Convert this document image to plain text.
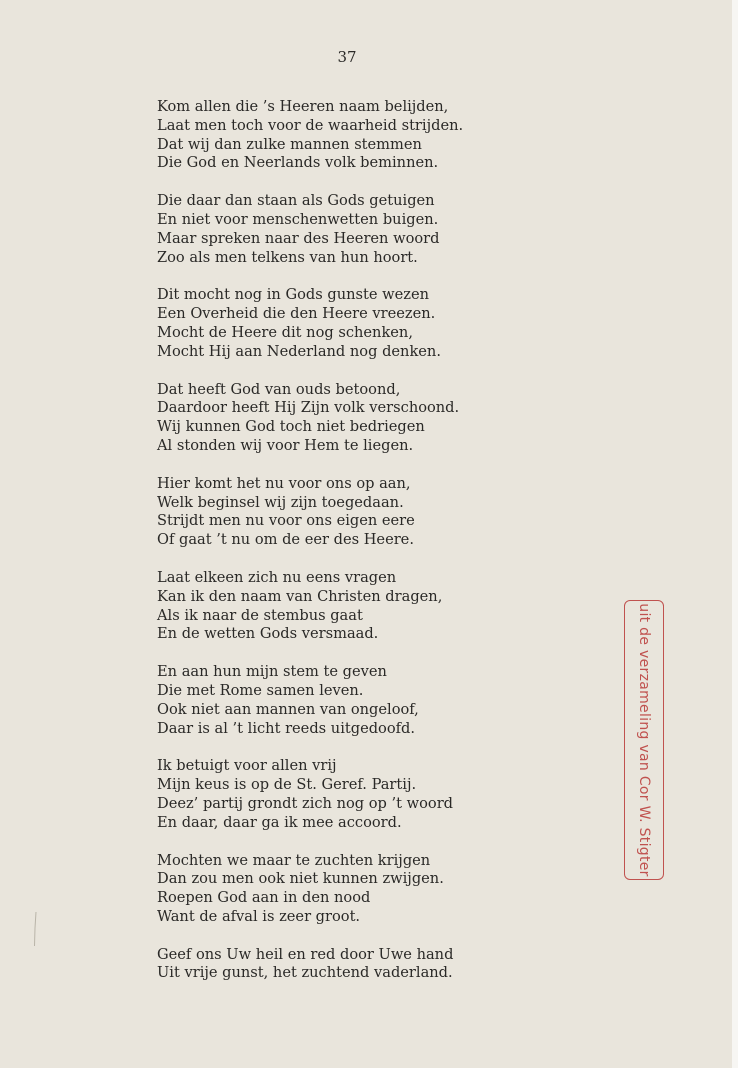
37
Kom allen die ’s Heeren naam belijden,
Laat men toch voor de waarheid strijden.
Dat wij dan zulke mannen stemmen
Die God en Neerlands volk beminnen.
Die daar dan staan als Gods getuigen
En niet voor menschenwetten buigen.
Maar spreken naar des Heeren woord
Zoo als men telkens van hun hoort.
Dit mocht nog in Gods gunste wezen
Een Overheid die den Heere vreezen.
Mocht de Heere dit nog schenken,
Mocht Hij aan Nederland nog denken.
Dat heeft God van ouds betoond,
Daardoor heeft Hij Zijn volk verschoond.
Wij kunnen God toch niet bedriegen
Al stonden wij voor Hem te liegen.
Hier komt het nu voor ons op aan,
Welk beginsel wij zijn toegedaan.
Strijdt men nu voor ons eigen eere
Of gaat ’t nu om de eer des Heere.
Laat elkeen zich nu eens vragen
Kan ik den naam van Christen dragen,
Als ik naar de stembus gaat
En de wetten Gods versmaad.
En aan hun mijn stem te geven
Die met Rome samen leven.
Ook niet aan mannen van ongeloof,
Daar is al ’t licht reeds uitgedoofd.
Ik betuigt voor allen vrij
Mijn keus is op de St. Geref. Partij.
Deez’ partij grondt zich nog op ’t woord
En daar, daar ga ik mee accoord.
Mochten we maar te zuchten krijgen
Dan zou men ook niet kunnen zwijgen.
Roepen God aan in den nood
Want de afval is zeer groot.
Geef ons Uw heil en red door Uwe hand
Uit vrije gunst, het zuchtend vaderland.
uit de verzameling van Cor W. Stigter
